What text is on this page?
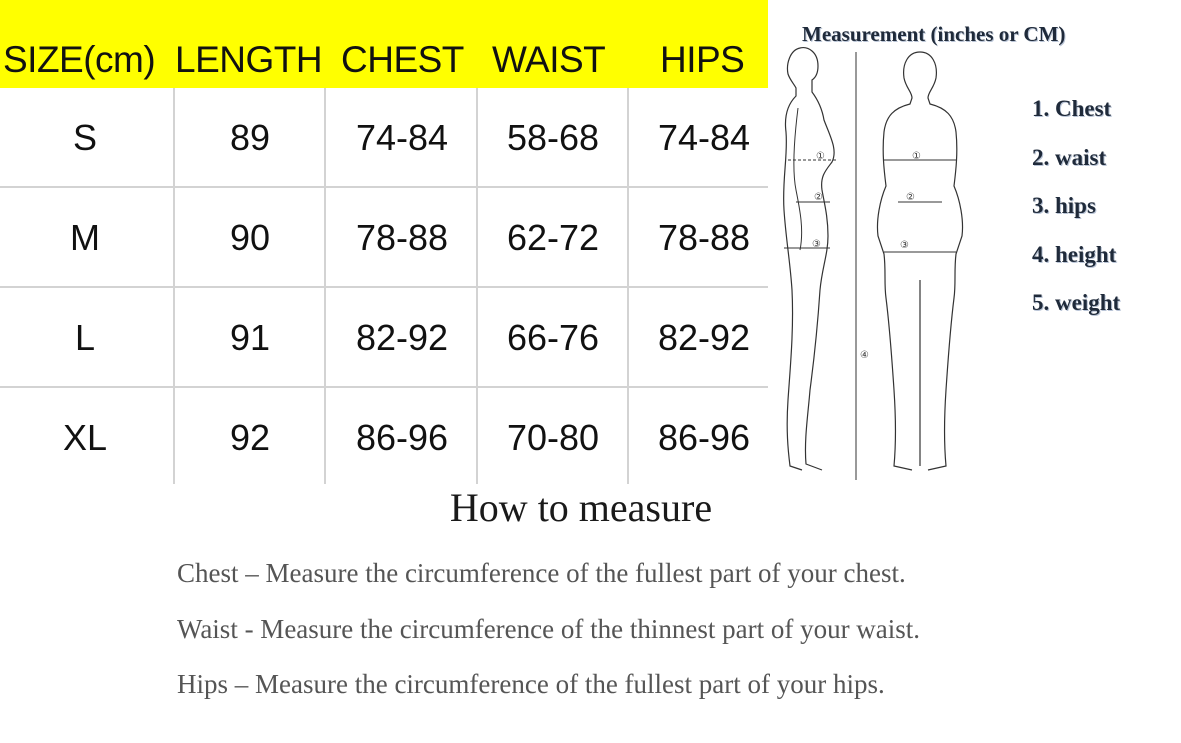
SIZE(cm) LENGTH CHEST WAIST HIPS
S	89	74-84	58-68	74-84
M	90	78-88	62-72	78-88
L	91	82-92	66-76	82-92
XL	92	86-96	70-80	86-96
Measurement (inches or CM)
①
②
③
④
①
②
③
1. Chest
2. waist
3. hips
4. height
5. weight
How to measure
Chest – Measure the circumference of the fullest part of your chest.
Waist - Measure the circumference of the thinnest part of your waist.
Hips – Measure the circumference of the fullest part of your hips.
